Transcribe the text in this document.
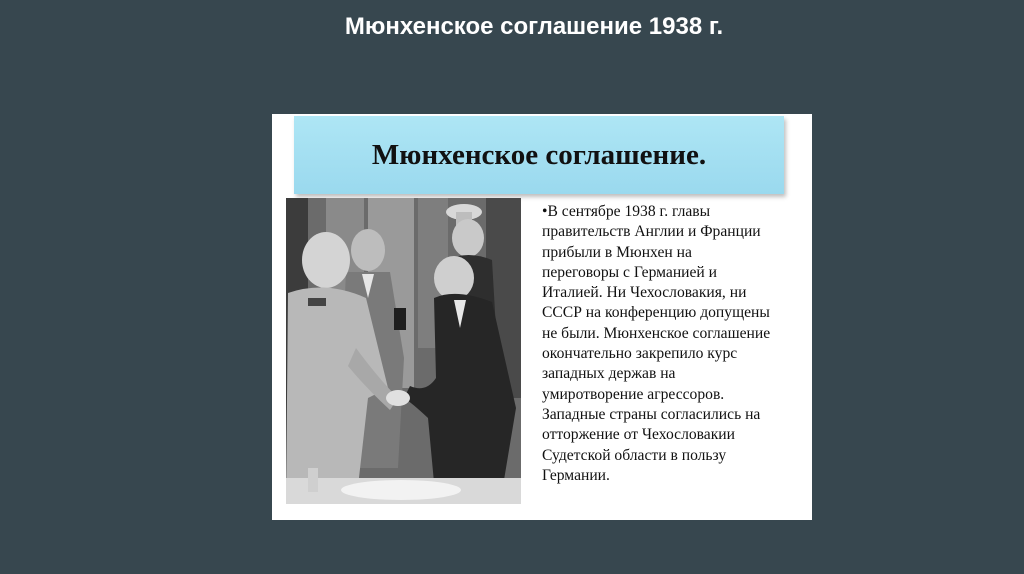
Мюнхенское соглашение 1938 г.
Мюнхенское соглашение.
•В сентябре 1938 г. главы
правительств Англии и Франции
прибыли в Мюнхен на
переговоры с Германией и
Италией. Ни Чехословакия, ни
СССР на конференцию допущены
не были. Мюнхенское соглашение
окончательно закрепило курс
западных держав на
умиротворение агрессоров.
Западные страны согласились на
отторжение от Чехословакии
Судетской области в пользу
Германии.
